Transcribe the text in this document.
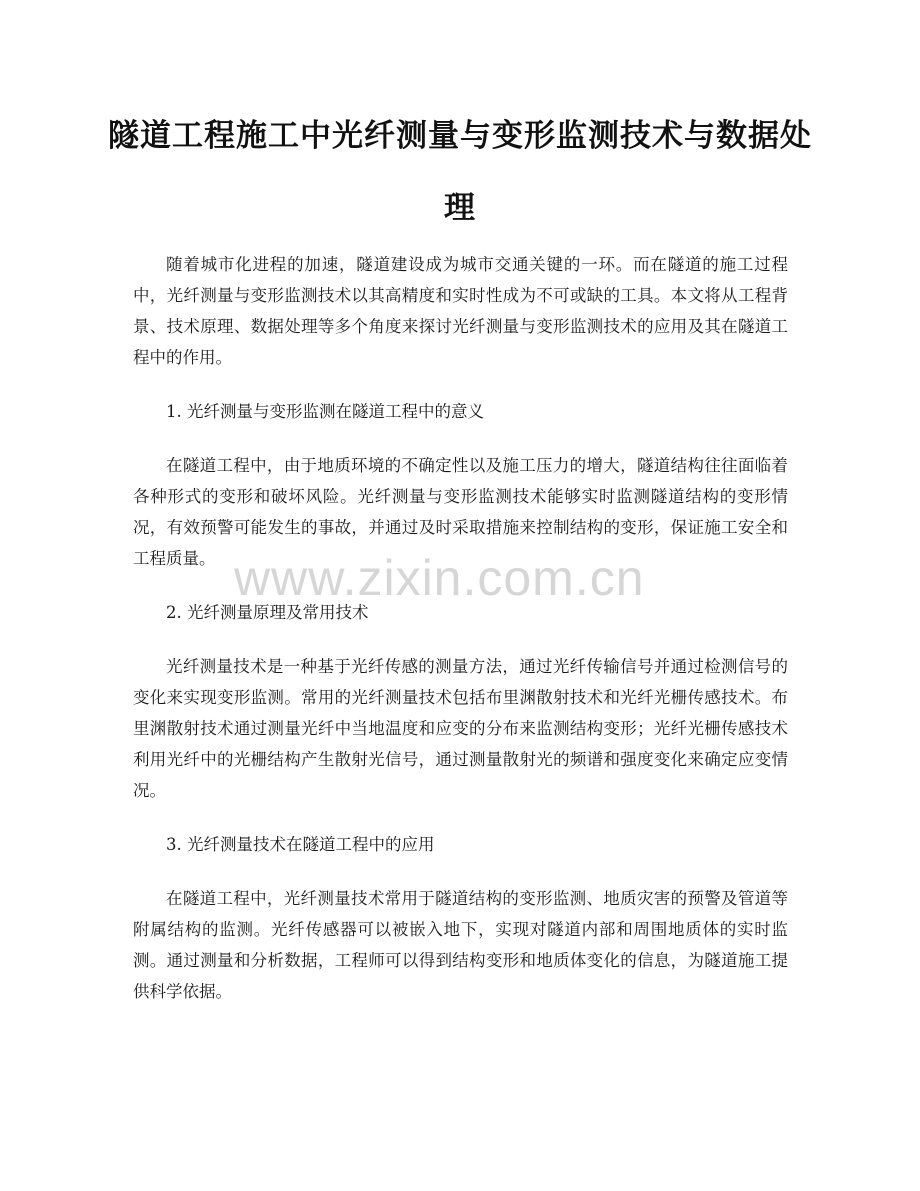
隧道工程施工中光纤测量与变形监测技术与数据处理

随着城市化进程的加速，隧道建设成为城市交通关键的一环。而在隧道的施工过程中，光纤测量与变形监测技术以其高精度和实时性成为不可或缺的工具。本文将从工程背景、技术原理、数据处理等多个角度来探讨光纤测量与变形监测技术的应用及其在隧道工程中的作用。

1. 光纤测量与变形监测在隧道工程中的意义

在隧道工程中，由于地质环境的不确定性以及施工压力的增大，隧道结构往往面临着各种形式的变形和破坏风险。光纤测量与变形监测技术能够实时监测隧道结构的变形情况，有效预警可能发生的事故，并通过及时采取措施来控制结构的变形，保证施工安全和工程质量。

2. 光纤测量原理及常用技术

光纤测量技术是一种基于光纤传感的测量方法，通过光纤传输信号并通过检测信号的变化来实现变形监测。常用的光纤测量技术包括布里渊散射技术和光纤光栅传感技术。布里渊散射技术通过测量光纤中当地温度和应变的分布来监测结构变形；光纤光栅传感技术利用光纤中的光栅结构产生散射光信号，通过测量散射光的频谱和强度变化来确定应变情况。

3. 光纤测量技术在隧道工程中的应用

在隧道工程中，光纤测量技术常用于隧道结构的变形监测、地质灾害的预警及管道等附属结构的监测。光纤传感器可以被嵌入地下，实现对隧道内部和周围地质体的实时监测。通过测量和分析数据，工程师可以得到结构变形和地质体变化的信息，为隧道施工提供科学依据。

www.zixin.com.cn
